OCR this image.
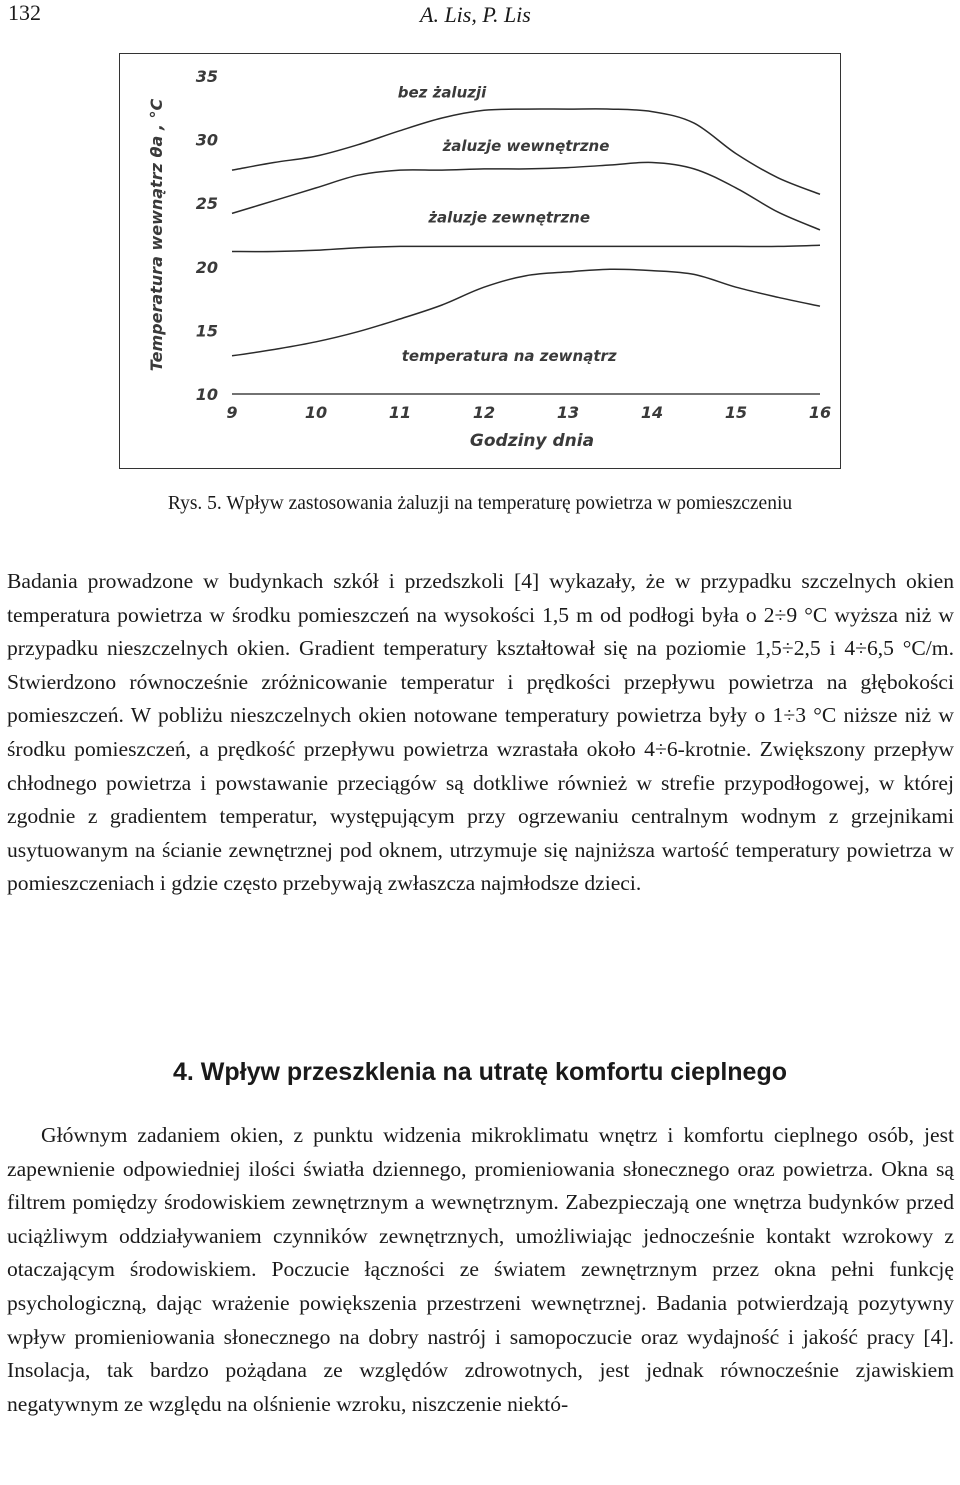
132	A. Lis, P. Lis
35
30
25
20
15
10
9	10	11	12	13	14	15	16
Godziny dnia
Temperatura wewnątrz θa , °C
bez żaluzji
żaluzje wewnętrzne
żaluzje zewnętrzne
temperatura na zewnątrz
Rys. 5. Wpływ zastosowania żaluzji na temperaturę powietrza w pomieszczeniu

Badania prowadzone w budynkach szkół i przedszkoli [4] wykazały, że w przypadku szczelnych okien temperatura powietrza w środku pomieszczeń na wysokości 1,5 m od podłogi była o 2÷9 °C wyższa niż w przypadku nieszczelnych okien. Gradient temperatury kształtował się na poziomie 1,5÷2,5 i 4÷6,5 °C/m. Stwierdzono równocześnie zróżnicowanie temperatur i prędkości przepływu powietrza na głębokości pomieszczeń. W pobliżu nieszczelnych okien notowane temperatury powietrza były o 1÷3 °C niższe niż w środku pomieszczeń, a prędkość przepływu powietrza wzrastała około 4÷6-krotnie. Zwiększony przepływ chłodnego powietrza i powstawanie przeciągów są dotkliwe również w strefie przypodłogowej, w której zgodnie z gradientem temperatur, występującym przy ogrzewaniu centralnym wodnym z grzejnikami usytuowanym na ścianie zewnętrznej pod oknem, utrzymuje się najniższa wartość temperatury powietrza w pomieszczeniach i gdzie często przebywają zwłaszcza najmłodsze dzieci.

4. Wpływ przeszklenia na utratę komfortu cieplnego

Głównym zadaniem okien, z punktu widzenia mikroklimatu wnętrz i komfortu cieplnego osób, jest zapewnienie odpowiedniej ilości światła dziennego, promieniowania słonecznego oraz powietrza. Okna są filtrem pomiędzy środowiskiem zewnętrznym a wewnętrznym. Zabezpieczają one wnętrza budynków przed uciążliwym oddziaływaniem czynników zewnętrznych, umożliwiając jednocześnie kontakt wzrokowy z otaczającym środowiskiem. Poczucie łączności ze światem zewnętrznym przez okna pełni funkcję psychologiczną, dając wrażenie powiększenia przestrzeni wewnętrznej. Badania potwierdzają pozytywny wpływ promieniowania słonecznego na dobry nastrój i samopoczucie oraz wydajność i jakość pracy [4]. Insolacja, tak bardzo pożądana ze względów zdrowotnych, jest jednak równocześnie zjawiskiem negatywnym ze względu na olśnienie wzroku, niszczenie niektó-
